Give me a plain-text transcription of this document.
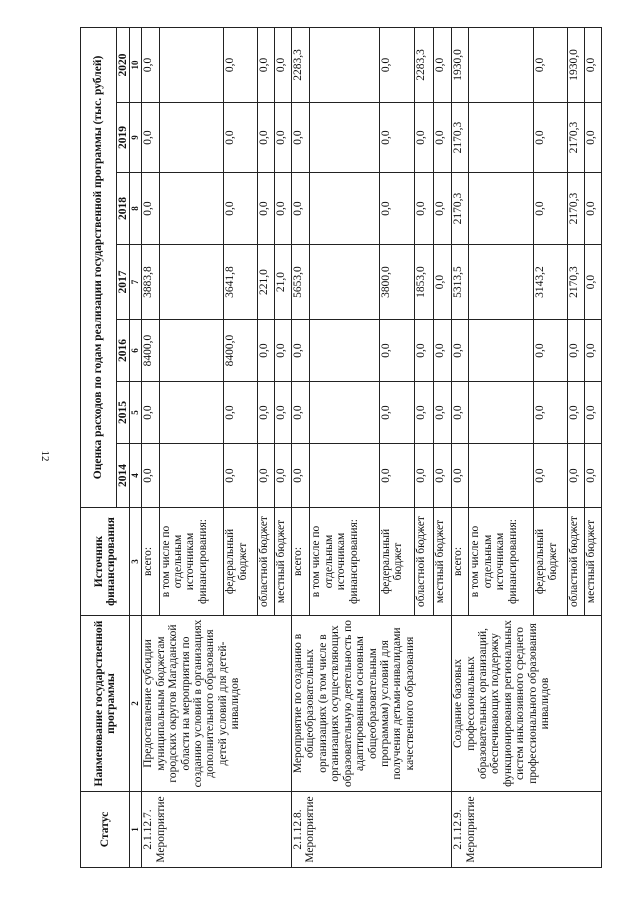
12
Статус	Наименование государственной программы	Источник финансирования	Оценка расходов по годам реализации государственной программы (тыс. рублей)						
			2014	2015	2016	2017	2018	2019	2020
1	2	3	4	5	6	7	8	9	10

2.1.12.7. Мероприятие	Предоставление субсидии муниципальным бюджетам городских округов Магаданской области на мероприятия по созданию условий в организациях дополнительного образования детей условий для детей-инвалидов	всего:	0,0	0,0	8400,0	3883,8	0,0	0,0	0,0
		в том числе по отдельным источникам финансирования:							
		федеральный бюджет	0,0	0,0	8400,0	3641,8	0,0	0,0	0,0
		областной бюджет	0,0	0,0	0,0	221,0	0,0	0,0	0,0
		местный бюджет	0,0	0,0	0,0	21,0	0,0	0,0	0,0

2.1.12.8. Мероприятие	Мероприятие по созданию в общеобразовательных организациях (в том числе в организациях осуществляющих образовательную деятельность по адаптированным основным общеобразовательным программам) условий для получения детьми-инвалидами качественного образования	всего:	0,0	0,0	0,0	5653,0	0,0	0,0	2283,3
		в том числе по отдельным источникам финансирования:							
		федеральный бюджет	0,0	0,0	0,0	3800,0	0,0	0,0	0,0
		областной бюджет	0,0	0,0	0,0	1853,0	0,0	0,0	2283,3
		местный бюджет	0,0	0,0	0,0	0,0	0,0	0,0	0,0

2.1.12.9. Мероприятие	Создание базовых профессиональных образовательных организаций, обеспечивающих поддержку функционирования региональных систем инклюзивного среднего профессионального образования инвалидов	всего:	0,0	0,0	0,0	5313,5	2170,3	2170,3	1930,0
		в том числе по отдельным источникам финансирования:							
		федеральный бюджет	0,0	0,0	0,0	3143,2	0,0	0,0	0,0
		областной бюджет	0,0	0,0	0,0	2170,3	2170,3	2170,3	1930,0
		местный бюджет	0,0	0,0	0,0	0,0	0,0	0,0	0,0
